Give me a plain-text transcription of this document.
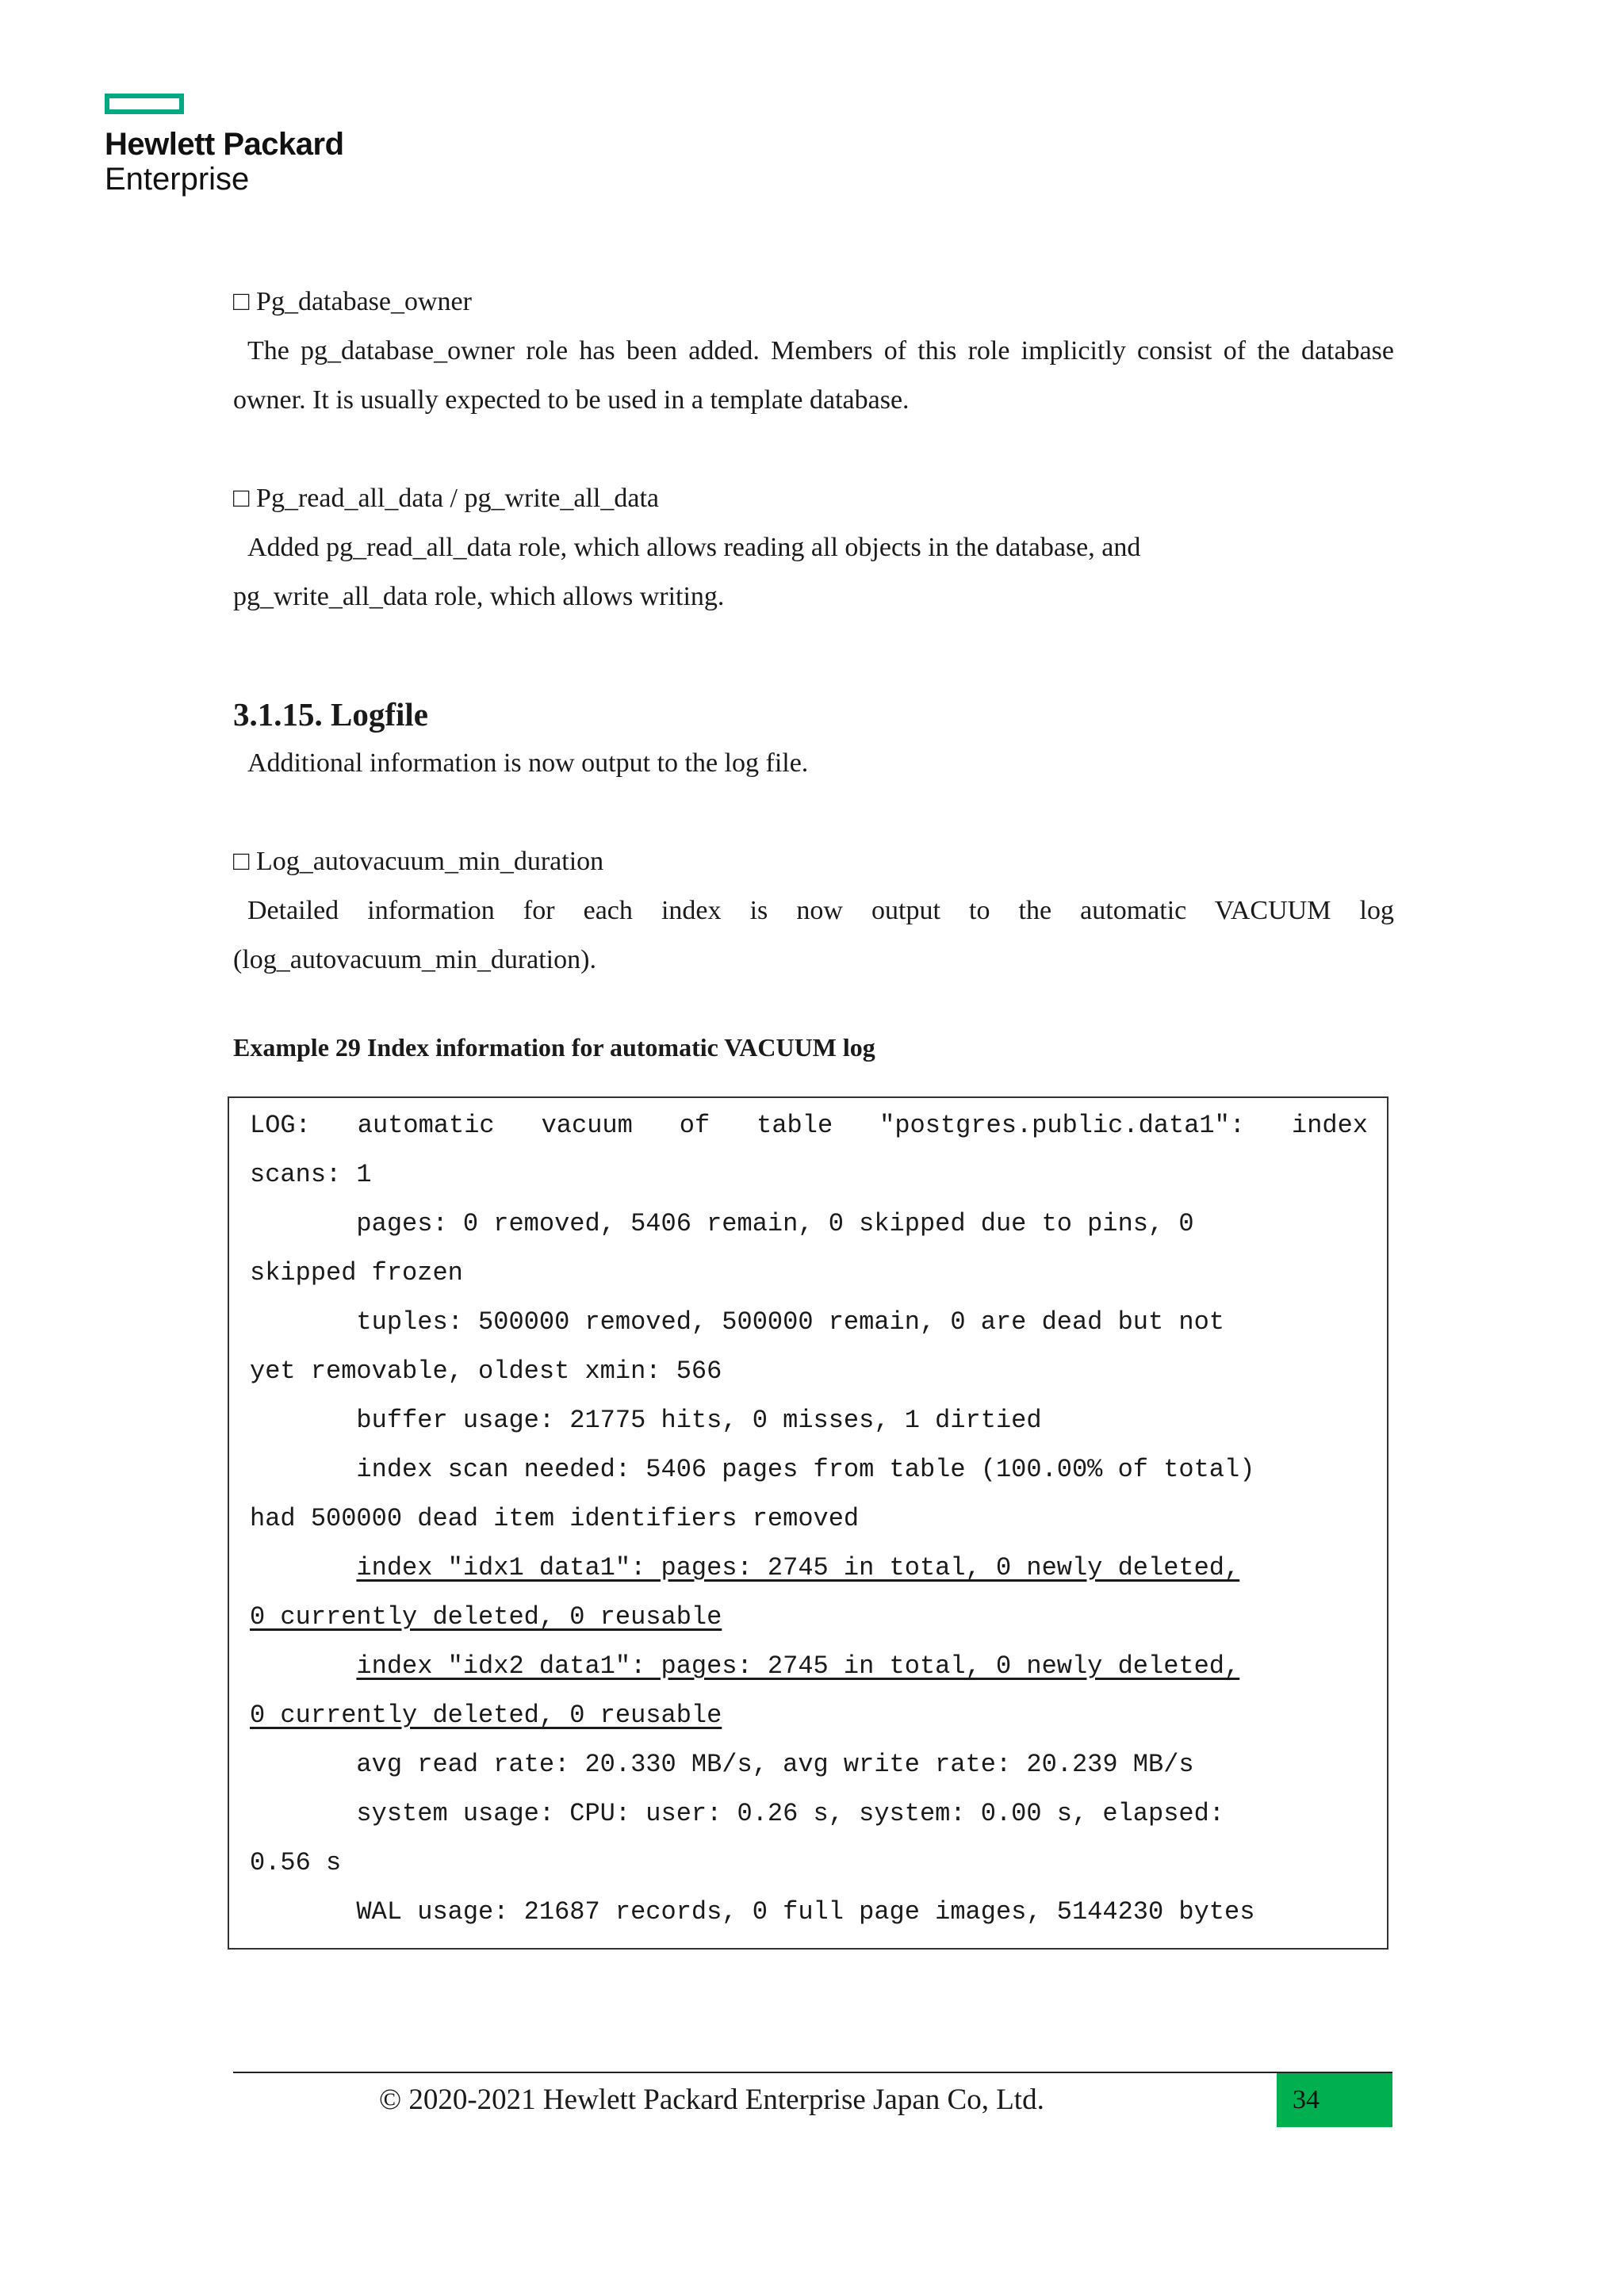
Hewlett Packard
Enterprise

□ Pg_database_owner

The pg_database_owner role has been added. Members of this role implicitly consist of the database

owner. It is usually expected to be used in a template database.

□ Pg_read_all_data / pg_write_all_data

Added pg_read_all_data role, which allows reading all objects in the database, and

pg_write_all_data role, which allows writing.

3.1.15. Logfile

Additional information is now output to the log file.

□ Log_autovacuum_min_duration

Detailed information for each index is now output to the automatic VACUUM log

(log_autovacuum_min_duration).

Example 29 Index information for automatic VACUUM log

LOG: automatic vacuum of table "postgres.public.data1": index

scans: 1

pages: 0 removed, 5406 remain, 0 skipped due to pins, 0

skipped frozen

tuples: 500000 removed, 500000 remain, 0 are dead but not

yet removable, oldest xmin: 566

buffer usage: 21775 hits, 0 misses, 1 dirtied

index scan needed: 5406 pages from table (100.00% of total)

had 500000 dead item identifiers removed

index "idx1 data1": pages: 2745 in total, 0 newly deleted,

0 currently deleted, 0 reusable

index "idx2 data1": pages: 2745 in total, 0 newly deleted,

0 currently deleted, 0 reusable

avg read rate: 20.330 MB/s, avg write rate: 20.239 MB/s

system usage: CPU: user: 0.26 s, system: 0.00 s, elapsed:

0.56 s

WAL usage: 21687 records, 0 full page images, 5144230 bytes

© 2020-2021 Hewlett Packard Enterprise Japan Co, Ltd.	34
